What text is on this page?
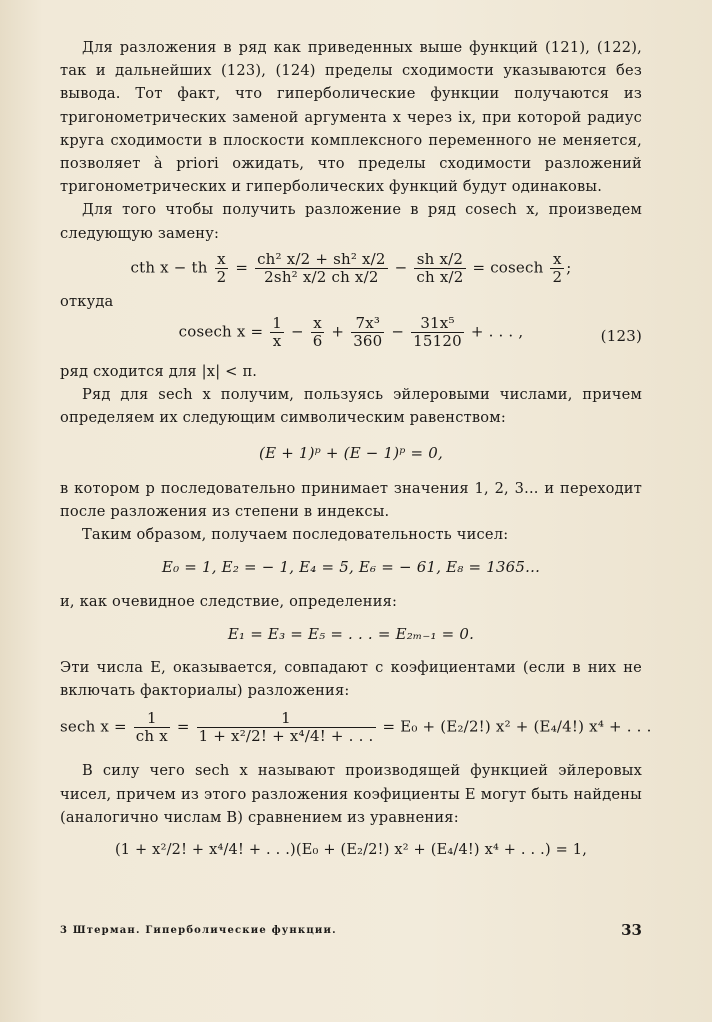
Для разложения в ряд как приведенных выше функций (121), (122), так и дальнейших (123), (124) пределы сходимости указываются без вывода. Тот факт, что гиперболические функции получаются из тригонометрических заменой аргумента x через ix, при которой радиус круга сходимости в плоскости комплексного переменного не меняется, позволяет à priori ожидать, что пределы сходимости разложений тригонометрических и гиперболических функций будут одинаковы.

Для того чтобы получить разложение в ряд cosech x, произведем следующую замену:

cth x − th $\frac{x}{2} = \frac{\text{ch² x/2 + sh² x/2}}{\text{2sh² x/2 ch x/2}} - \frac{\text{sh x/2}}{\text{ch x/2}} = cosech \frac{x}{2}$ ;

откуда

cosech $x = \frac{1}{x} - \frac{x}{6} + \frac{\text{7x³}}{360} - \frac{\text{31x⁵}}{15120}$ + . . . ,	(123)

ряд сходится для |x| < π.

Ряд для sech x получим, пользуясь эйлеровыми числами, причем определяем их следующим символическим равенством:

(E + 1)ᵖ + (E − 1)ᵖ = 0,

в котором p последовательно принимает значения 1, 2, 3... и переходит после разложения из степени в индексы.

Таким образом, получаем последовательность чисел:

E₀ = 1, E₂ = − 1, E₄ = 5, E₆ = − 61, E₈ = 1365...

и, как очевидное следствие, определения:

E₁ = E₃ = E₅ = . . . = E₂ₘ₋₁ = 0.

Эти числа E, оказывается, совпадают с коэфициентами (если в них не включать факториалы) разложения:

sech $x = \frac{1}{\text{ch x}} = \frac{1}{\text{1 + x²/2! + x⁴/4! + . . .}} = E_0 + (E_2/2!) x^2 + (E_4/4!) x^4$ + . . .

В силу чего sech x называют производящей функцией эйлеровых чисел, причем из этого разложения коэфициенты E могут быть найдены (аналогично числам B) сравнением из уравнения:

(1 + x²/2! + x⁴/4! + . . .)(E₀ + (E₂/2!) x² + (E₄/4!) x⁴ + . . .) = 1,
3 Штерман. Гиперболические функции.	33
